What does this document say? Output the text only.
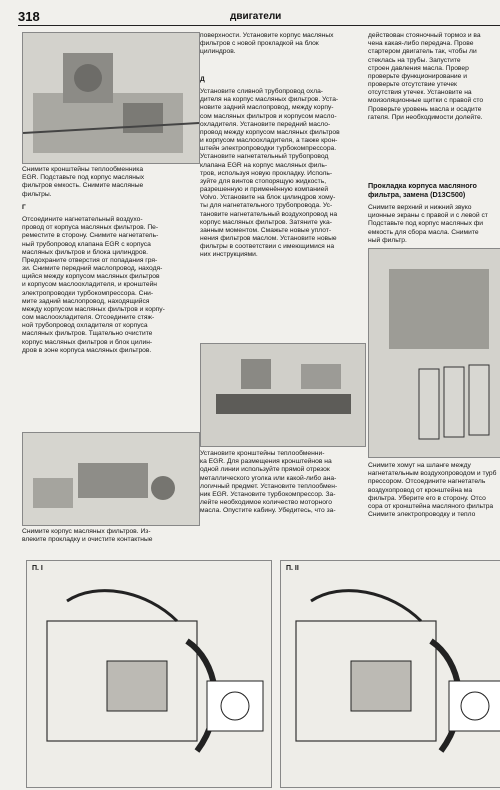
318	двигатели

Снимите кронштейны теплообменника
EGR. Подставьте под корпус масляных
фильтров емкость. Снимите масляные
фильтры.

Г

Отсоедините нагнетательный воздухо-
провод от корпуса масляных фильтров. Пе-
реместите в сторону. Снимите нагнетатель-
ный трубопровод клапана EGR с корпуса
масляных фильтров и блока цилиндров.
Предохраните отверстия от попадания гря-
зи. Снимите передний маслопровод, находя-
щийся между корпусом масляных фильтров
и корпусом маслоохладителя, и кронштейн
электропроводки турбокомпрессора. Сни-
мите задний маслопровод, находящийся
между корпусом масляных фильтров и корпу-
сом маслоохладителя. Отсоедините стяж-
ной трубопровод охладителя от корпуса
масляных фильтров. Тщательно очистите
корпус масляных фильтров и блок цилин-
дров в зоне корпуса масляных фильтров.

Снимите корпус масляных фильтров. Из-
влеките прокладку и очистите контактные

поверхности. Установите корпус масляных
фильтров с новой прокладкой на блок
цилиндров.

Д

Установите сливной трубопровод охла-
дителя на корпус масляных фильтров. Уста-
новите задний маслопровод, между корпу-
сом масляных фильтров и корпусом масло-
охладителя. Установите передний масло-
провод между корпусом масляных фильтров
и корпусом маслоохладителя, а также крон-
штейн электропроводки турбокомпрессора.
Установите нагнетательный трубопровод
клапана EGR на корпус масляных филь-
тров, используя новую прокладку. Исполь-
зуйте для винтов стопорящую жидкость,
разрешенную и применённую компанией
Volvo. Установите на блок цилиндров хому-
ты для нагнетательного трубопровода. Ус-
тановите нагнетательный воздухопровод на
корпус масляных фильтров. Затяните ука-
занным моментом. Смажьте новые уплот-
нения фильтров маслом. Установите новые
фильтры в соответствии с имеющимися на
них инструкциями.

Установите кронштейны теплообменни-
ка EGR. Для размещения кронштейнов на
одной линии используйте прямой отрезок
металлического уголка или какой-либо ана-
логичный предмет. Установите теплообмен-
ник EGR. Установите турбокомпрессор. За-
лейте необходимое количество моторного
масла. Опустите кабину. Убедитесь, что за-

действован стояночный тормоз и ва
чена какая-либо передача. Прове
стартером двигатель так, чтобы ли
стеклась на трубы. Запустите
строен давления масла. Провер
проверьте функционирование и
проверьте отсутствие утечек
отсутствия утечек. Установите на
моизоляционные щитки с правой сто
Проверьте уровень масла и осадите
гателя. При необходимости долейте.

Прокладка корпуса масляного
фильтра, замена (D13C500)

Снимите верхний и нижний звуко
ционные экраны с правой и с левой ст
Подставьте под корпус масляных фи
емкость для сбора масла. Снимите
ный фильтр.

Снимите хомут на шланге между
нагнетательным воздухопроводом и турб
прессором. Отсоедините нагнетатель
воздухопровод от кронштейна ма
фильтра. Уберите его в сторону. Отсо
сора от кронштейна масляного фильтра
Снимите электропроводку и тепло

П. I	П. II
